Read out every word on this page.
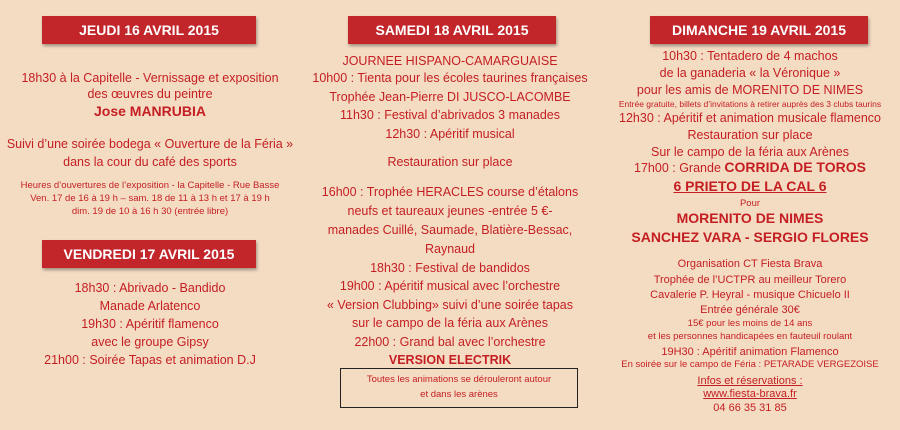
JEUDI 16 AVRIL 2015
18h30 à la Capitelle - Vernissage et exposition
des œuvres du peintre
Jose MANRUBIA
Suivi d’une soirée bodega « Ouverture de la Féria »
dans la cour du café des sports
Heures d’ouvertures de l’exposition - la Capitelle - Rue Basse
Ven. 17 de 16 à 19 h – sam. 18 de 11 à 13 h et 17 à 19 h
dim. 19 de 10 à 16 h 30 (entrée libre)
VENDREDI 17 AVRIL 2015
18h30 : Abrivado - Bandido
Manade Arlatenco
19h30 : Apéritif flamenco
avec le groupe Gipsy
21h00 : Soirée Tapas et animation D.J
SAMEDI 18 AVRIL 2015
JOURNEE HISPANO-CAMARGUAISE
10h00 : Tienta pour les écoles taurines françaises
Trophée Jean-Pierre DI JUSCO-LACOMBE
11h30 : Festival d’abrivados 3 manades
12h30 : Apéritif musical
Restauration sur place
16h00 : Trophée HERACLES course d’étalons
neufs et taureaux jeunes -entrée 5 €-
manades Cuillé, Saumade, Blatière-Bessac,
Raynaud
18h30 : Festival de bandidos
19h00 : Apéritif musical avec l’orchestre
« Version Clubbing» suivi d’une soirée tapas
sur le campo de la féria aux Arènes
22h00 : Grand bal avec l’orchestre
VERSION ELECTRIK
Toutes les animations se dérouleront autour
et dans les arènes
DIMANCHE 19 AVRIL 2015
10h30 : Tentadero de 4 machos
de la ganaderia « la Véronique »
pour les amis de MORENITO DE NIMES
Entrée gratuite, billets d’invitations à retirer auprès des 3 clubs taurins
12h30 : Apéritif et animation musicale flamenco
Restauration sur place
Sur le campo de la féria aux Arènes
17h00 : Grande CORRIDA DE TOROS
6 PRIETO DE LA CAL 6
Pour
MORENITO DE NIMES
SANCHEZ VARA - SERGIO FLORES
Organisation CT Fiesta Brava
Trophée de l’UCTPR au meilleur Torero
Cavalerie P. Heyral - musique Chicuelo II
Entrée générale 30€
15€ pour les moins de 14 ans
et les personnes handicapées en fauteuil roulant
19H30 : Apéritif animation Flamenco
En soirée sur le campo de Féria : PETARADE VERGEZOISE
Infos et réservations :
www.fiesta-brava.fr
04 66 35 31 85
